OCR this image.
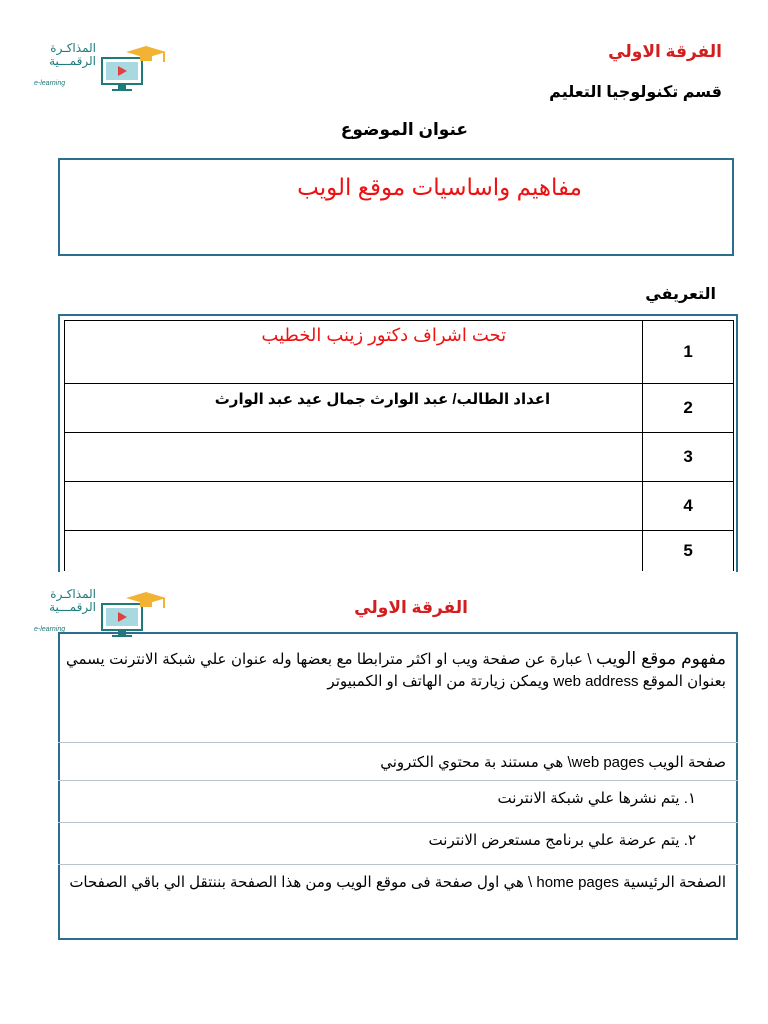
المذاكـرة
الرقمـــية
e-learning
الفرقة الاولي
قسم تكنولوجيا التعليم
عنوان الموضوع
مفاهيم واساسيات موقع الويب
التعريفي
تحت اشراف دكتور زينب الخطيب	1

اعداد الطالب/ عبد الوارث جمال عيد عبد الوارث	2
	3
	4
	5
المذاكـرة
الرقمـــية
e-learning
الفرقة الاولي
مفهوم موقع الويب \ عبارة عن صفحة ويب او اكثر مترابطا مع بعضها وله عنوان علي شبكة الانترنت يسمي بعنوان الموقع web address ويمكن زيارتة من الهاتف او الكمبيوتر
صفحة الويب web pages\ هي مستند بة محتوي الكتروني
١. يتم نشرها علي شبكة الانترنت
٢. يتم عرضة علي برنامج مستعرض الانترنت
الصفحة الرئيسية home pages \ هي اول صفحة فى موقع الويب ومن هذا الصفحة بننتقل الي باقي الصفحات
